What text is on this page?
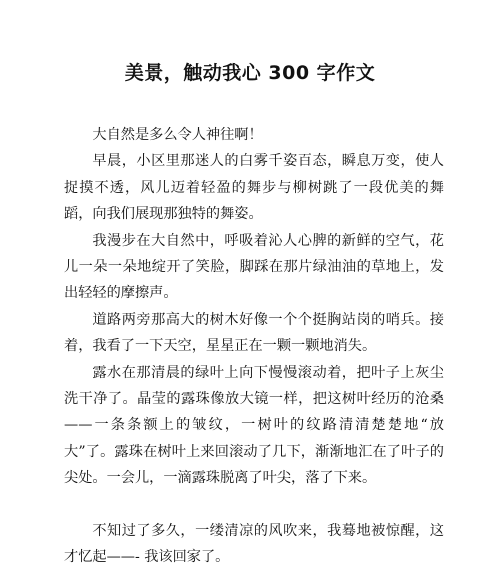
美景，触动我心 300 字作文

大自然是多么令人神往啊！

早晨，小区里那迷人的白雾千姿百态，瞬息万变，使人捉摸不透，风儿迈着轻盈的舞步与柳树跳了一段优美的舞蹈，向我们展现那独特的舞姿。

我漫步在大自然中，呼吸着沁人心脾的新鲜的空气，花儿一朵一朵地绽开了笑脸，脚踩在那片绿油油的草地上，发出轻轻的摩擦声。

道路两旁那高大的树木好像一个个挺胸站岗的哨兵。接着，我看了一下天空，星星正在一颗一颗地消失。

露水在那清晨的绿叶上向下慢慢滚动着，把叶子上灰尘洗干净了。晶莹的露珠像放大镜一样，把这树叶经历的沧桑——一条条额上的皱纹，一树叶的纹路清清楚楚地“放大”了。露珠在树叶上来回滚动了几下，渐渐地汇在了叶子的尖处。一会儿，一滴露珠脱离了叶尖，落了下来。

不知过了多久，一缕清凉的风吹来，我蓦地被惊醒，这才忆起——- 我该回家了。
